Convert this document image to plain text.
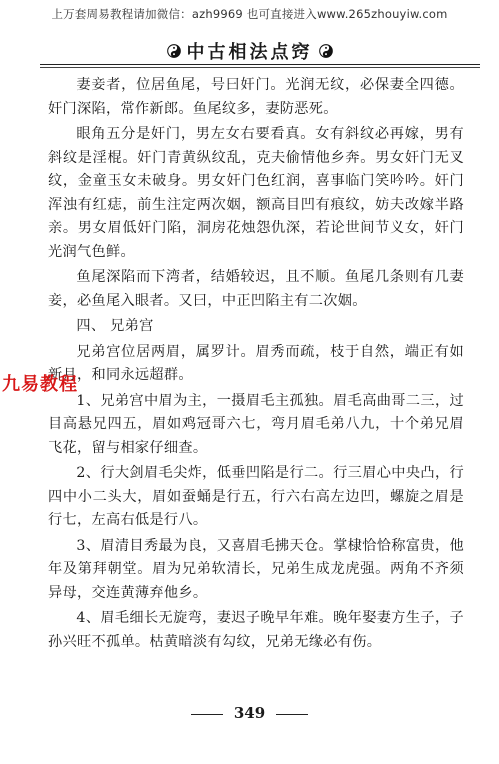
上万套周易教程请加微信：azh9969 也可直接进入www.265zhouyiw.com
中古相法点窍

妻妾者，位居鱼尾，号曰奸门。光润无纹，必保妻全四德。奸门深陷，常作新郎。鱼尾纹多，妻防恶死。

眼角五分是奸门，男左女右要看真。女有斜纹必再嫁，男有斜纹是淫棍。奸门青黄纵纹乱，克夫偷情他乡奔。男女奸门无叉纹，金童玉女未破身。男女奸门色红润，喜事临门笑吟吟。奸门浑浊有红痣，前生注定两次姻，额高目凹有痕纹，妨夫改嫁半路亲。男女眉低奸门陷，洞房花烛怨仇深，若论世间节义女，奸门光润气色鲜。

鱼尾深陷而下湾者，结婚较迟，且不顺。鱼尾几条则有几妻妾，必鱼尾入眼者。又曰，中正凹陷主有二次姻。

四、 兄弟宫

兄弟宫位居两眉，属罗计。眉秀而疏，枝于自然，端正有如新月，和同永远超群。

1、兄弟宫中眉为主，一摄眉毛主孤独。眉毛高曲哥二三，过目高悬兄四五，眉如鸡冠哥六七，弯月眉毛弟八九，十个弟兄眉飞花，留与相家仔细查。

2、行大剑眉毛尖炸，低垂凹陷是行二。行三眉心中央凸，行四中小二头大，眉如蚕蛹是行五，行六右高左边凹，螺旋之眉是行七，左高右低是行八。

3、眉清目秀最为良，又喜眉毛拂天仓。掌棣恰恰称富贵，他年及第拜朝堂。眉为兄弟软清长，兄弟生成龙虎强。两角不齐须异母，交连黄薄弃他乡。

4、眉毛细长无旋弯，妻迟子晚早年难。晚年娶妻方生子，子孙兴旺不孤单。枯黄暗淡有勾纹，兄弟无缘必有伤。

九易教程
349
